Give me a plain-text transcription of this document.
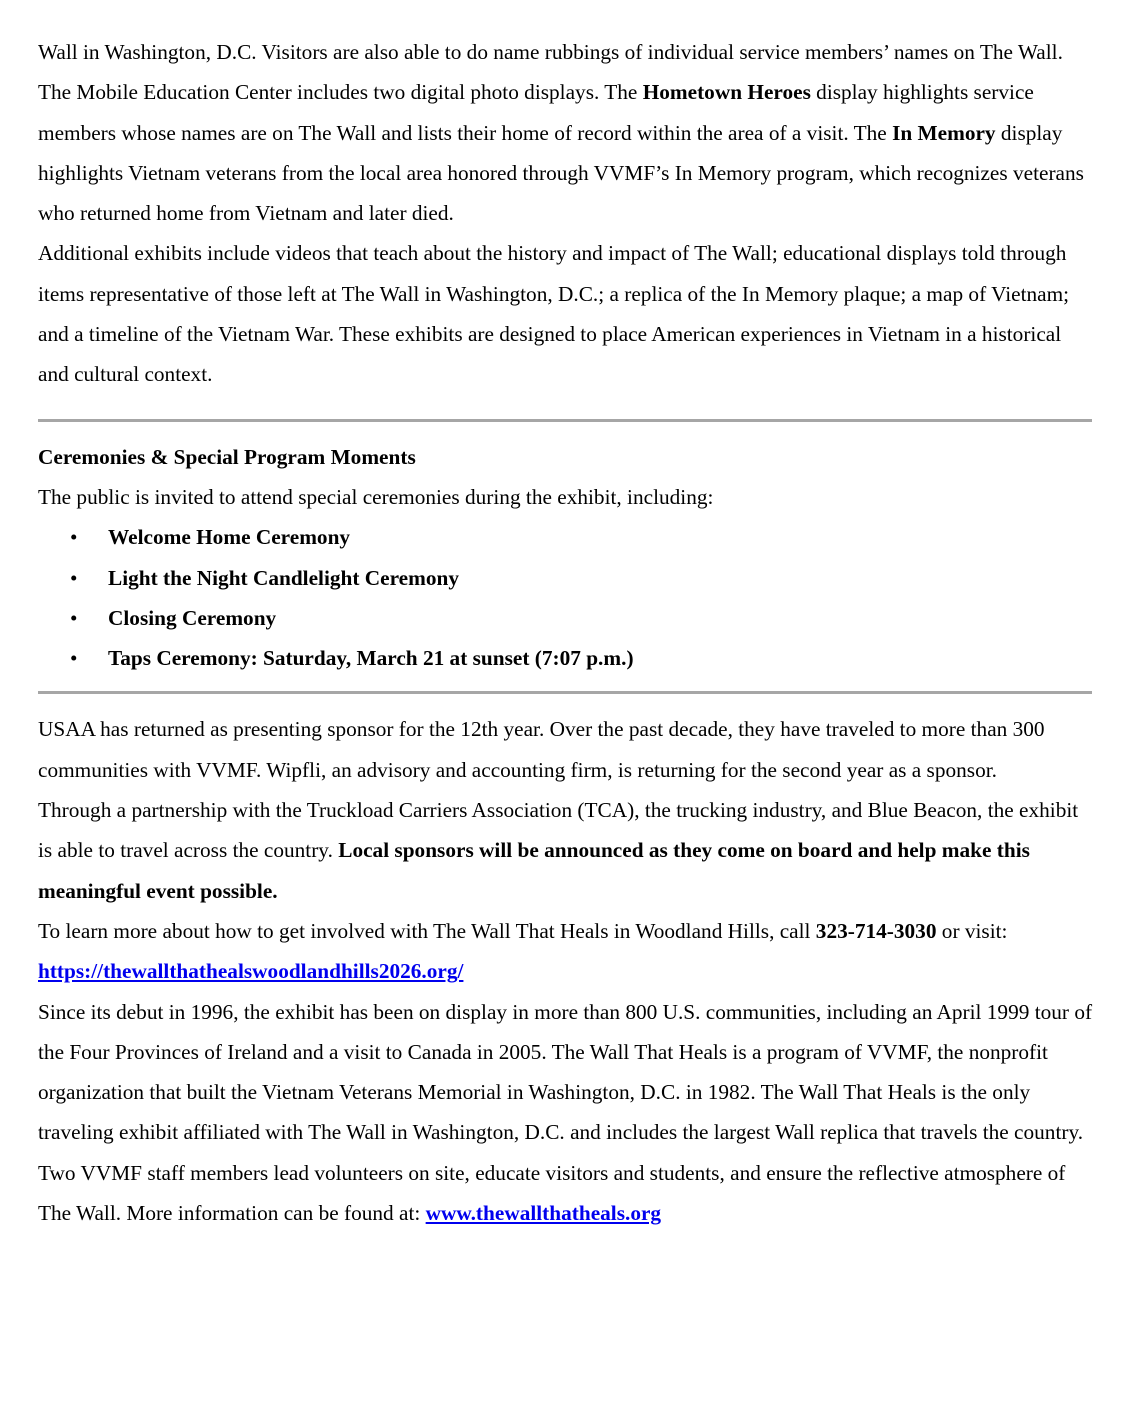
Wall in Washington, D.C. Visitors are also able to do name rubbings of individual service members’ names on The Wall.

The Mobile Education Center includes two digital photo displays. The Hometown Heroes display highlights service members whose names are on The Wall and lists their home of record within the area of a visit. The In Memory display highlights Vietnam veterans from the local area honored through VVMF’s In Memory program, which recognizes veterans who returned home from Vietnam and later died.

Additional exhibits include videos that teach about the history and impact of The Wall; educational displays told through items representative of those left at The Wall in Washington, D.C.; a replica of the In Memory plaque; a map of Vietnam; and a timeline of the Vietnam War. These exhibits are designed to place American experiences in Vietnam in a historical and cultural context.

Ceremonies & Special Program Moments

The public is invited to attend special ceremonies during the exhibit, including:

• Welcome Home Ceremony
• Light the Night Candlelight Ceremony
• Closing Ceremony
• Taps Ceremony: Saturday, March 21 at sunset (7:07 p.m.)

USAA has returned as presenting sponsor for the 12th year. Over the past decade, they have traveled to more than 300 communities with VVMF. Wipfli, an advisory and accounting firm, is returning for the second year as a sponsor.

Through a partnership with the Truckload Carriers Association (TCA), the trucking industry, and Blue Beacon, the exhibit is able to travel across the country. Local sponsors will be announced as they come on board and help make this meaningful event possible.

To learn more about how to get involved with The Wall That Heals in Woodland Hills, call 323-714-3030 or visit:

https://thewallthathealswoodlandhills2026.org/

Since its debut in 1996, the exhibit has been on display in more than 800 U.S. communities, including an April 1999 tour of the Four Provinces of Ireland and a visit to Canada in 2005. The Wall That Heals is a program of VVMF, the nonprofit organization that built the Vietnam Veterans Memorial in Washington, D.C. in 1982. The Wall That Heals is the only traveling exhibit affiliated with The Wall in Washington, D.C. and includes the largest Wall replica that travels the country.

Two VVMF staff members lead volunteers on site, educate visitors and students, and ensure the reflective atmosphere of The Wall. More information can be found at: www.thewallthatheals.org
